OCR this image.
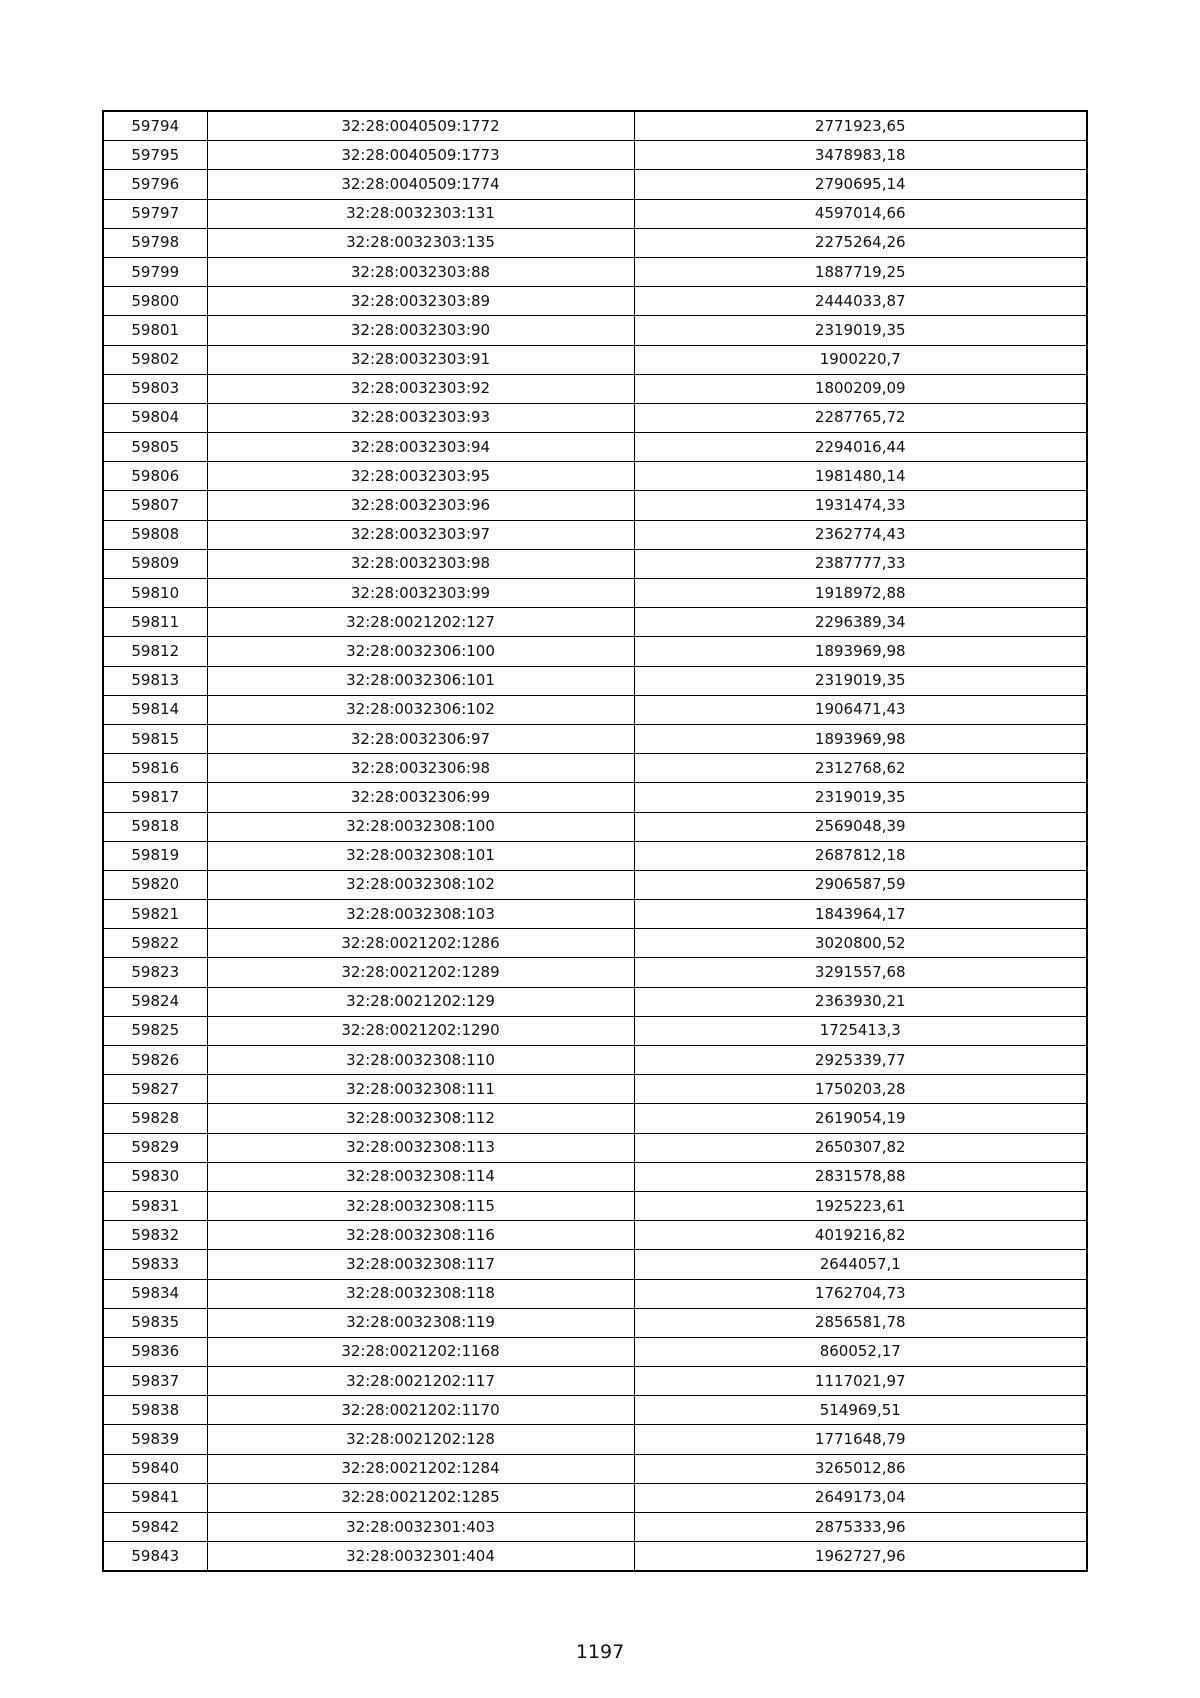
59794	32:28:0040509:1772	2771923,65
59795	32:28:0040509:1773	3478983,18
59796	32:28:0040509:1774	2790695,14
59797	32:28:0032303:131	4597014,66
59798	32:28:0032303:135	2275264,26
59799	32:28:0032303:88	1887719,25
59800	32:28:0032303:89	2444033,87
59801	32:28:0032303:90	2319019,35
59802	32:28:0032303:91	1900220,7
59803	32:28:0032303:92	1800209,09
59804	32:28:0032303:93	2287765,72
59805	32:28:0032303:94	2294016,44
59806	32:28:0032303:95	1981480,14
59807	32:28:0032303:96	1931474,33
59808	32:28:0032303:97	2362774,43
59809	32:28:0032303:98	2387777,33
59810	32:28:0032303:99	1918972,88
59811	32:28:0021202:127	2296389,34
59812	32:28:0032306:100	1893969,98
59813	32:28:0032306:101	2319019,35
59814	32:28:0032306:102	1906471,43
59815	32:28:0032306:97	1893969,98
59816	32:28:0032306:98	2312768,62
59817	32:28:0032306:99	2319019,35
59818	32:28:0032308:100	2569048,39
59819	32:28:0032308:101	2687812,18
59820	32:28:0032308:102	2906587,59
59821	32:28:0032308:103	1843964,17
59822	32:28:0021202:1286	3020800,52
59823	32:28:0021202:1289	3291557,68
59824	32:28:0021202:129	2363930,21
59825	32:28:0021202:1290	1725413,3
59826	32:28:0032308:110	2925339,77
59827	32:28:0032308:111	1750203,28
59828	32:28:0032308:112	2619054,19
59829	32:28:0032308:113	2650307,82
59830	32:28:0032308:114	2831578,88
59831	32:28:0032308:115	1925223,61
59832	32:28:0032308:116	4019216,82
59833	32:28:0032308:117	2644057,1
59834	32:28:0032308:118	1762704,73
59835	32:28:0032308:119	2856581,78
59836	32:28:0021202:1168	860052,17
59837	32:28:0021202:117	1117021,97
59838	32:28:0021202:1170	514969,51
59839	32:28:0021202:128	1771648,79
59840	32:28:0021202:1284	3265012,86
59841	32:28:0021202:1285	2649173,04
59842	32:28:0032301:403	2875333,96
59843	32:28:0032301:404	1962727,96
1197
